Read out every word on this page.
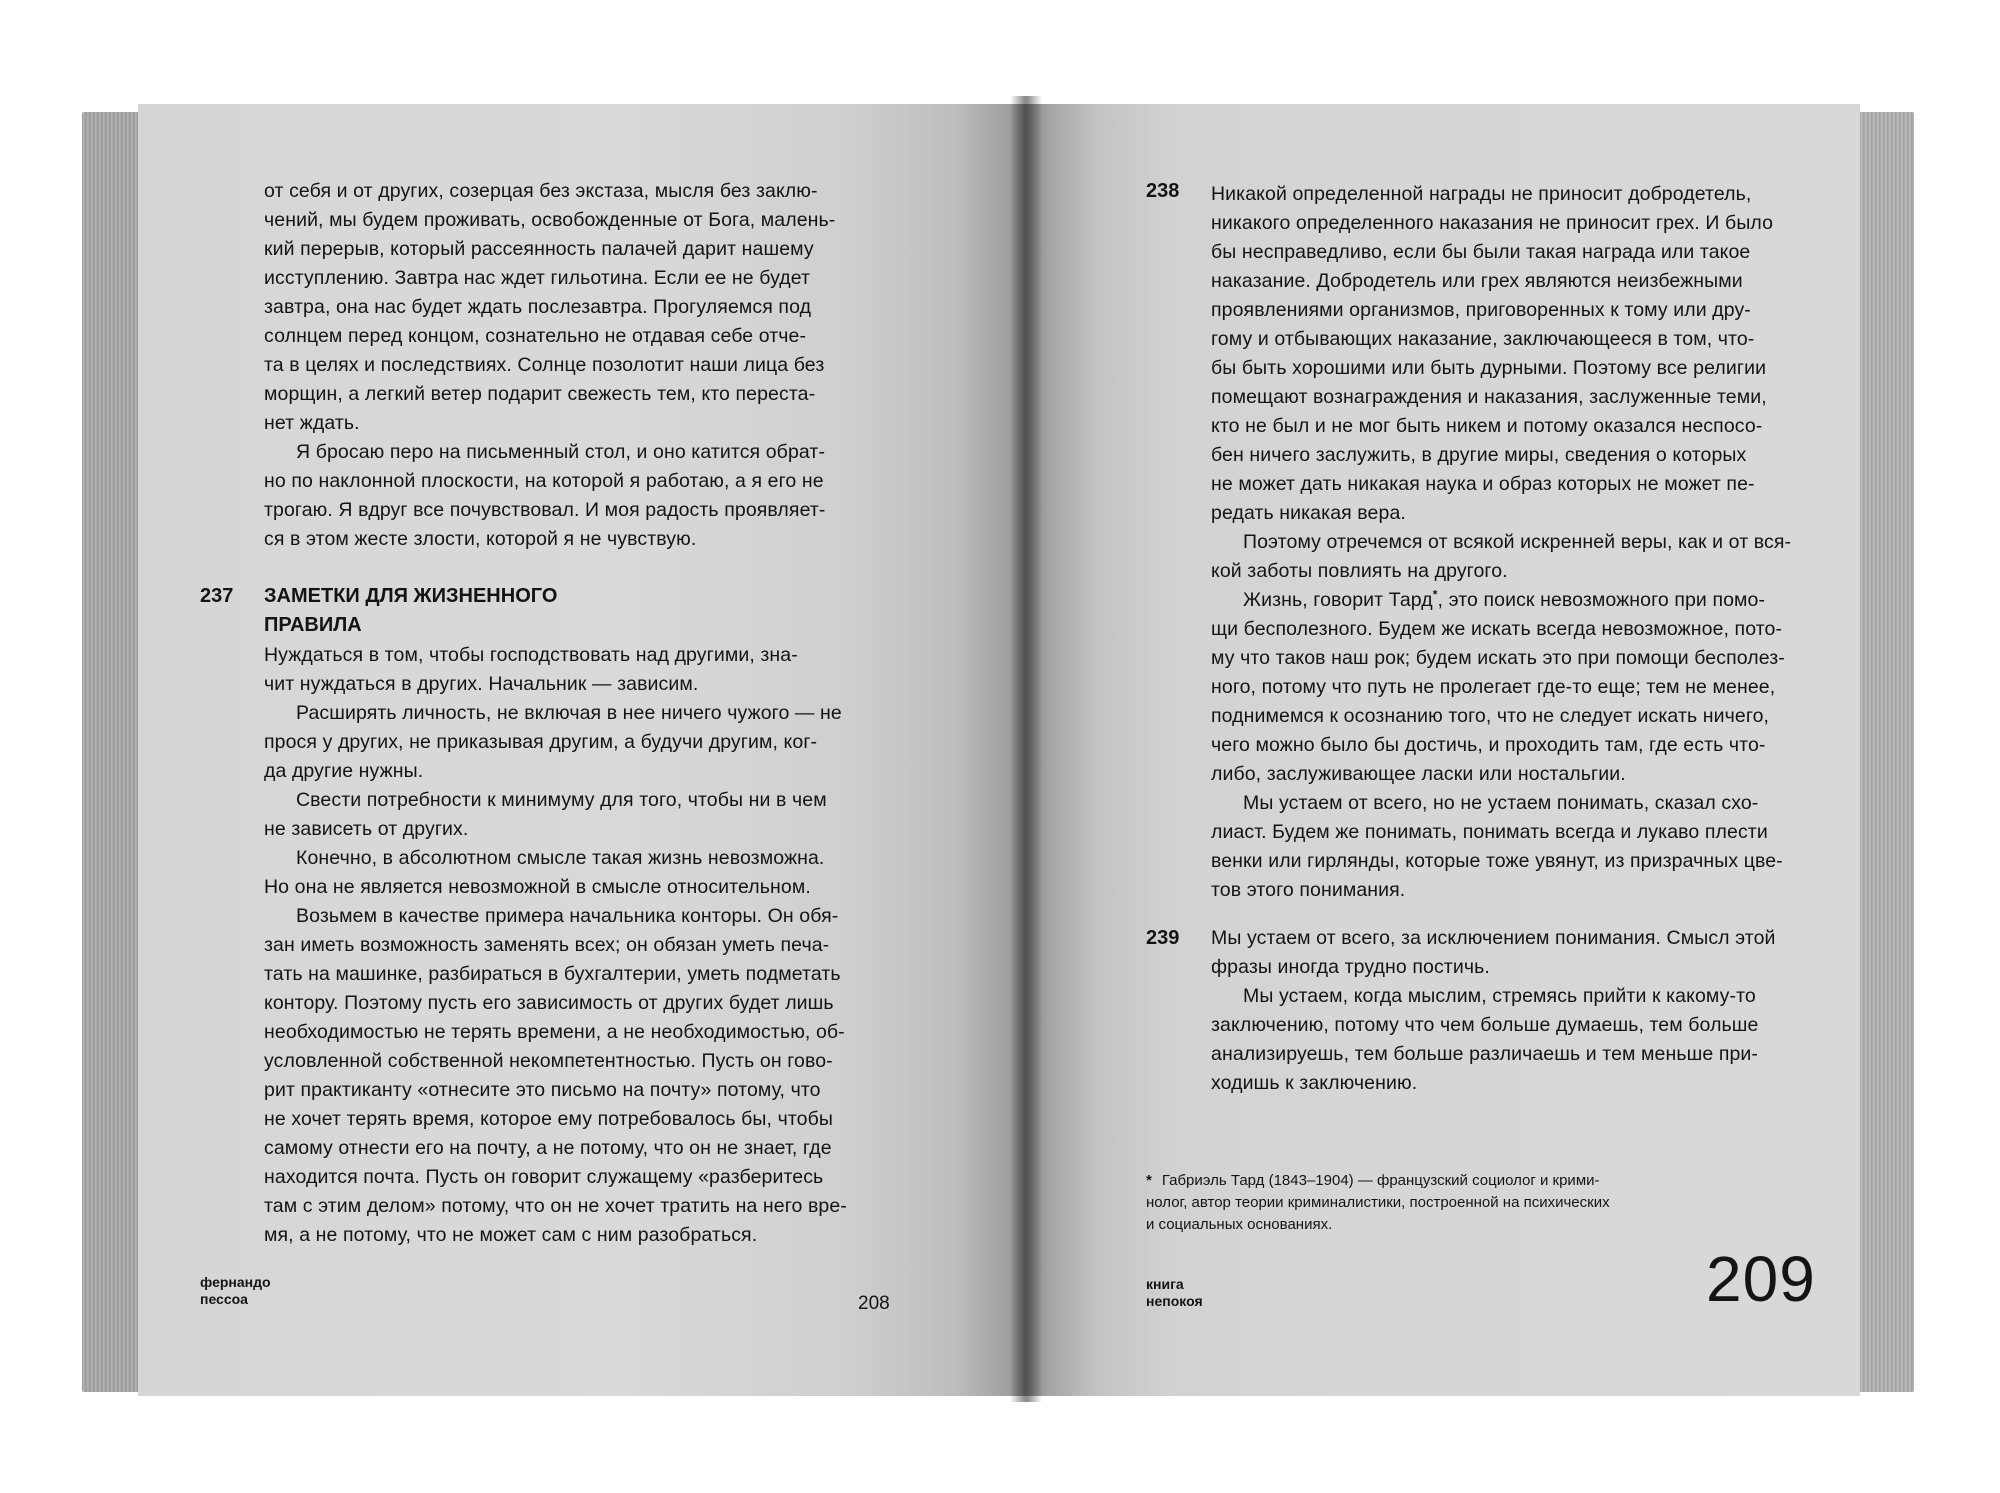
от себя и от других, созерцая без экстаза, мысля без заклю-
чений, мы будем проживать, освобожденные от Бога, малень-
кий перерыв, который рассеянность палачей дарит нашему
исступлению. Завтра нас ждет гильотина. Если ее не будет
завтра, она нас будет ждать послезавтра. Прогуляемся под
солнцем перед концом, сознательно не отдавая себе отче-
та в целях и последствиях. Солнце позолотит наши лица без
морщин, а легкий ветер подарит свежесть тем, кто переста-
нет ждать.
Я бросаю перо на письменный стол, и оно катится обрат-
но по наклонной плоскости, на которой я работаю, а я его не
трогаю. Я вдруг все почувствовал. И моя радость проявляет-
ся в этом жесте злости, которой я не чувствую.
237 ЗАМЕТКИ ДЛЯ ЖИЗНЕННОГО
ПРАВИЛА
Нуждаться в том, чтобы господствовать над другими, зна-
чит нуждаться в других. Начальник — зависим.
Расширять личность, не включая в нее ничего чужого — не
прося у других, не приказывая другим, а будучи другим, ког-
да другие нужны.
Свести потребности к минимуму для того, чтобы ни в чем
не зависеть от других.
Конечно, в абсолютном смысле такая жизнь невозможна.
Но она не является невозможной в смысле относительном.
Возьмем в качестве примера начальника конторы. Он обя-
зан иметь возможность заменять всех; он обязан уметь печа-
тать на машинке, разбираться в бухгалтерии, уметь подметать
контору. Поэтому пусть его зависимость от других будет лишь
необходимостью не терять времени, а не необходимостью, об-
условленной собственной некомпетентностью. Пусть он гово-
рит практиканту «отнесите это письмо на почту» потому, что
не хочет терять время, которое ему потребовалось бы, чтобы
самому отнести его на почту, а не потому, что он не знает, где
находится почта. Пусть он говорит служащему «разберитесь
там с этим делом» потому, что он не хочет тратить на него вре-
мя, а не потому, что не может сам с ним разобраться.
фернандо
пессоа	208
238 Никакой определенной награды не приносит добродетель,
никакого определенного наказания не приносит грех. И было
бы несправедливо, если бы были такая награда или такое
наказание. Добродетель или грех являются неизбежными
проявлениями организмов, приговоренных к тому или дру-
гому и отбывающих наказание, заключающееся в том, что-
бы быть хорошими или быть дурными. Поэтому все религии
помещают вознаграждения и наказания, заслуженные теми,
кто не был и не мог быть никем и потому оказался неспосо-
бен ничего заслужить, в другие миры, сведения о которых
не может дать никакая наука и образ которых не может пе-
редать никакая вера.
Поэтому отречемся от всякой искренней веры, как и от вся-
кой заботы повлиять на другого.
Жизнь, говорит Тард*, это поиск невозможного при помо-
щи бесполезного. Будем же искать всегда невозможное, пото-
му что таков наш рок; будем искать это при помощи бесполез-
ного, потому что путь не пролегает где-то еще; тем не менее,
поднимемся к осознанию того, что не следует искать ничего,
чего можно было бы достичь, и проходить там, где есть что-
либо, заслуживающее ласки или ностальгии.
Мы устаем от всего, но не устаем понимать, сказал схо-
лиаст. Будем же понимать, понимать всегда и лукаво плести
венки или гирлянды, которые тоже увянут, из призрачных цве-
тов этого понимания.
239 Мы устаем от всего, за исключением понимания. Смысл этой
фразы иногда трудно постичь.
Мы устаем, когда мыслим, стремясь прийти к какому-то
заключению, потому что чем больше думаешь, тем больше
анализируешь, тем больше различаешь и тем меньше при-
ходишь к заключению.
* Габриэль Тард (1843–1904) — французский социолог и крими-
нолог, автор теории криминалистики, построенной на психических
и социальных основаниях.
книга
непокоя	209
